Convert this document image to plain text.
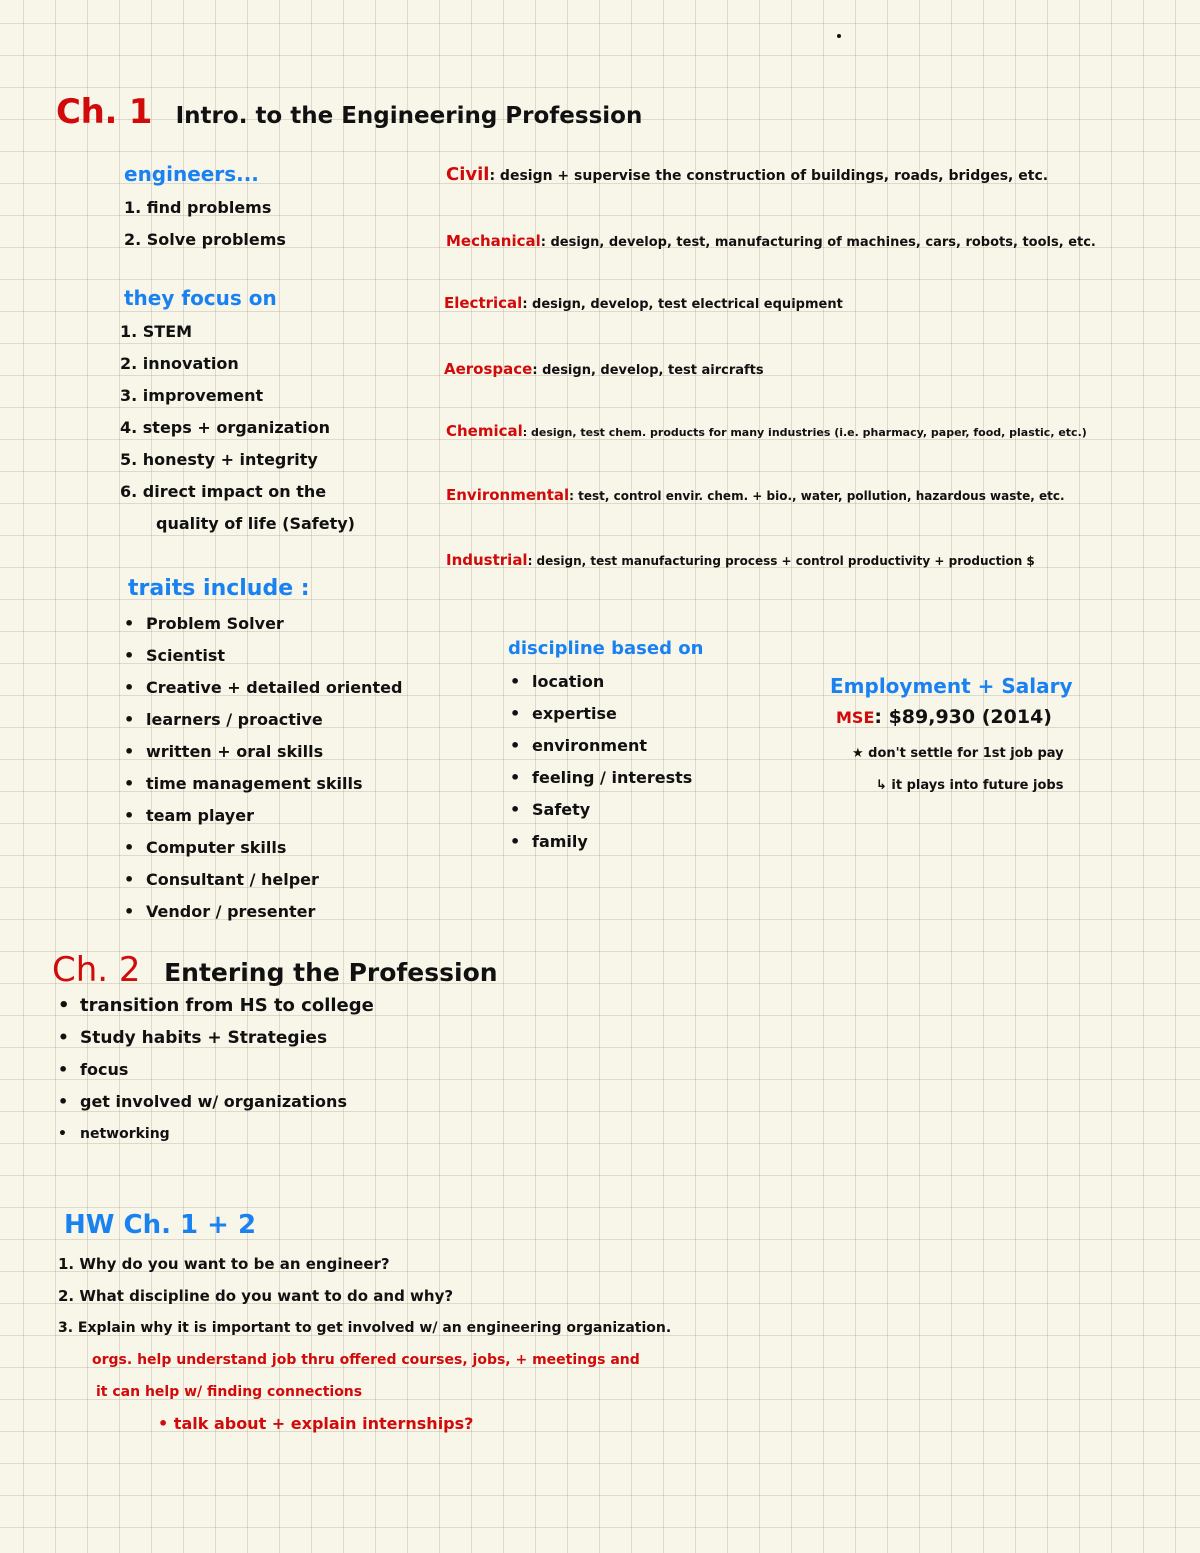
Ch. 1 Intro. to the Engineering Profession
engineers...
1. find problems
2. Solve problems
they focus on
1. STEM
2. innovation
3. improvement
4. steps + organization
5. honesty + integrity
6. direct impact on the
quality of life (Safety)
traits include :
• Problem Solver
• Scientist
• Creative + detailed oriented
• learners / proactive
• written + oral skills
• time management skills
• team player
• Computer skills
• Consultant / helper
• Vendor / presenter
Civil: design + supervise the construction of buildings, roads, bridges, etc.
Mechanical: design, develop, test, manufacturing of machines, cars, robots, tools, etc.
Electrical: design, develop, test electrical equipment
Aerospace: design, develop, test aircrafts
Chemical: design, test chem. products for many industries (i.e. pharmacy, paper, food, plastic, etc.)
Environmental: test, control envir. chem. + bio., water, pollution, hazardous waste, etc.
Industrial: design, test manufacturing process + control productivity + production $
discipline based on
• location
• expertise
• environment
• feeling / interests
• Safety
• family
Employment + Salary
MSE: $89,930 (2014)
★ don't settle for 1st job pay
↳ it plays into future jobs
Ch. 2 Entering the Profession
• transition from HS to college
• Study habits + Strategies
• focus
• get involved w/ organizations
• networking
HW Ch. 1 + 2
1. Why do you want to be an engineer?
2. What discipline do you want to do and why?
3. Explain why it is important to get involved w/ an engineering organization.
orgs. help understand job thru offered courses, jobs, + meetings and
it can help w/ finding connections
• talk about + explain internships?
